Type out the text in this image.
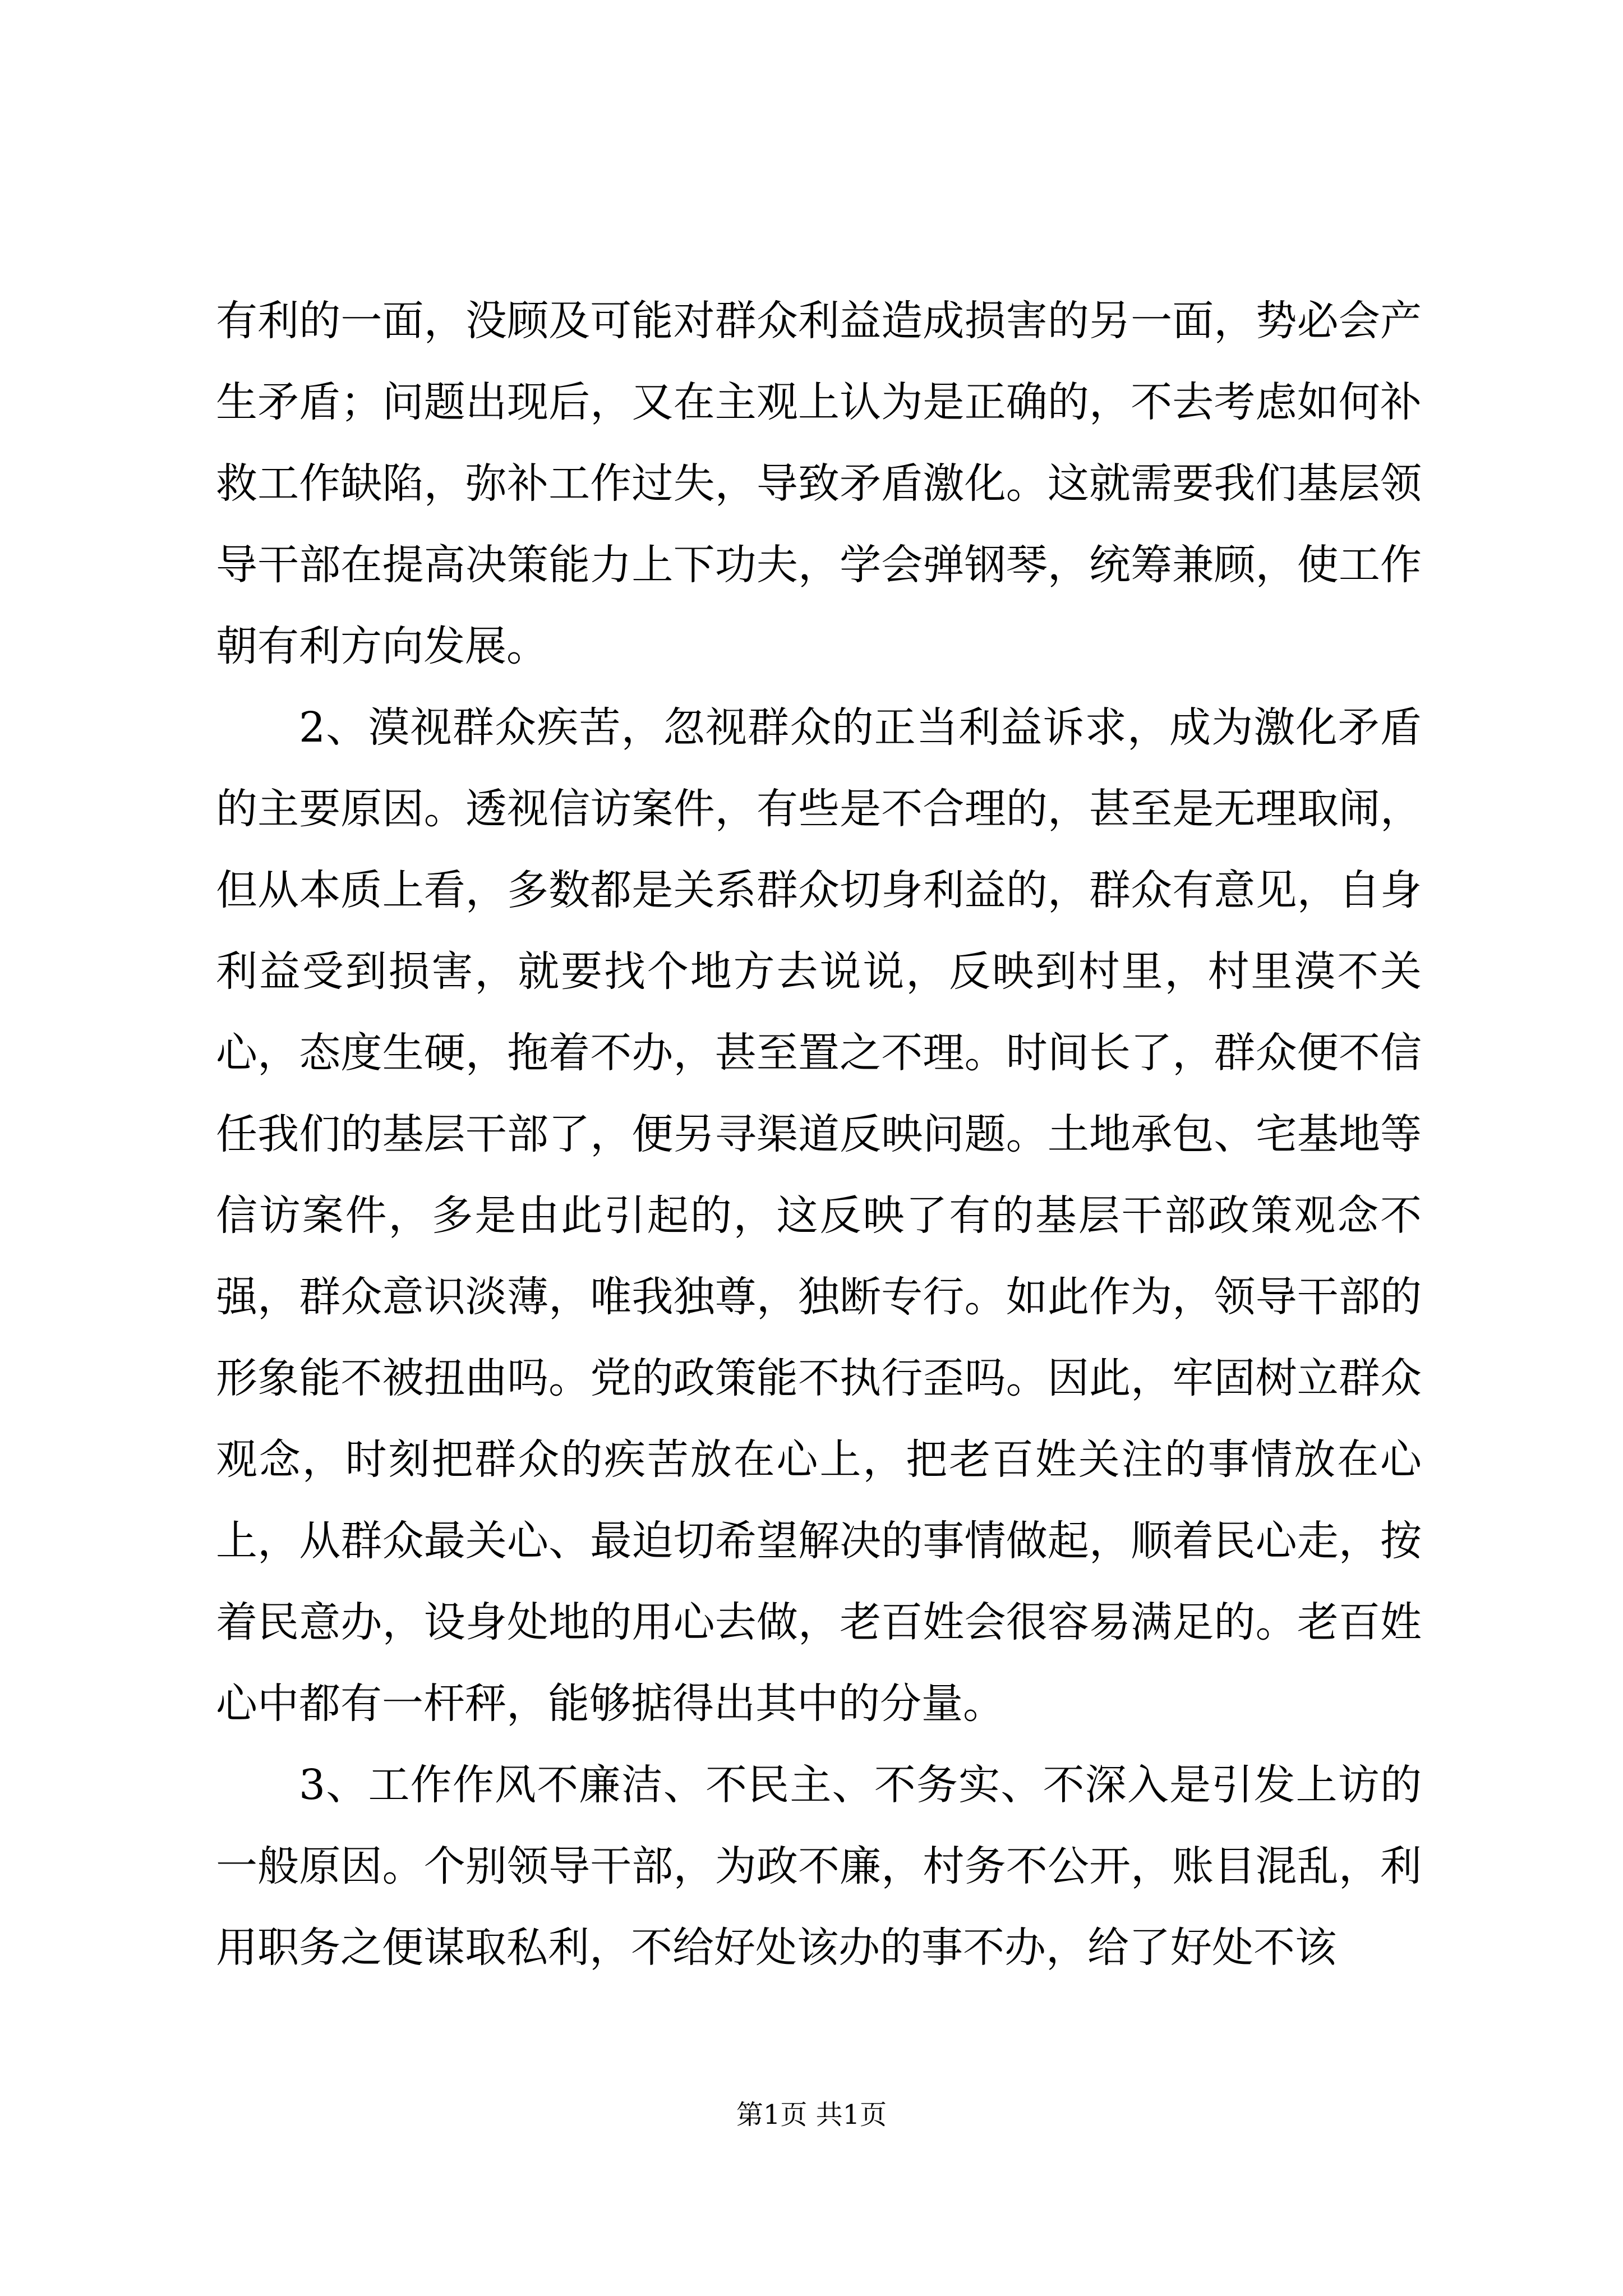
有利的一面，没顾及可能对群众利益造成损害的另一面，势必会产生矛盾；问题出现后，又在主观上认为是正确的，不去考虑如何补救工作缺陷，弥补工作过失，导致矛盾激化。这就需要我们基层领导干部在提高决策能力上下功夫，学会弹钢琴，统筹兼顾，使工作朝有利方向发展。

2、漠视群众疾苦，忽视群众的正当利益诉求，成为激化矛盾的主要原因。透视信访案件，有些是不合理的，甚至是无理取闹，但从本质上看，多数都是关系群众切身利益的，群众有意见，自身利益受到损害，就要找个地方去说说，反映到村里，村里漠不关心，态度生硬，拖着不办，甚至置之不理。时间长了，群众便不信任我们的基层干部了，便另寻渠道反映问题。土地承包、宅基地等信访案件，多是由此引起的，这反映了有的基层干部政策观念不强，群众意识淡薄，唯我独尊，独断专行。如此作为，领导干部的形象能不被扭曲吗。党的政策能不执行歪吗。因此，牢固树立群众观念，时刻把群众的疾苦放在心上，把老百姓关注的事情放在心上，从群众最关心、最迫切希望解决的事情做起，顺着民心走，按着民意办，设身处地的用心去做，老百姓会很容易满足的。老百姓心中都有一杆秤，能够掂得出其中的分量。

3、工作作风不廉洁、不民主、不务实、不深入是引发上访的一般原因。个别领导干部，为政不廉，村务不公开，账目混乱，利用职务之便谋取私利，不给好处该办的事不办，给了好处不该

第1页 共1页
